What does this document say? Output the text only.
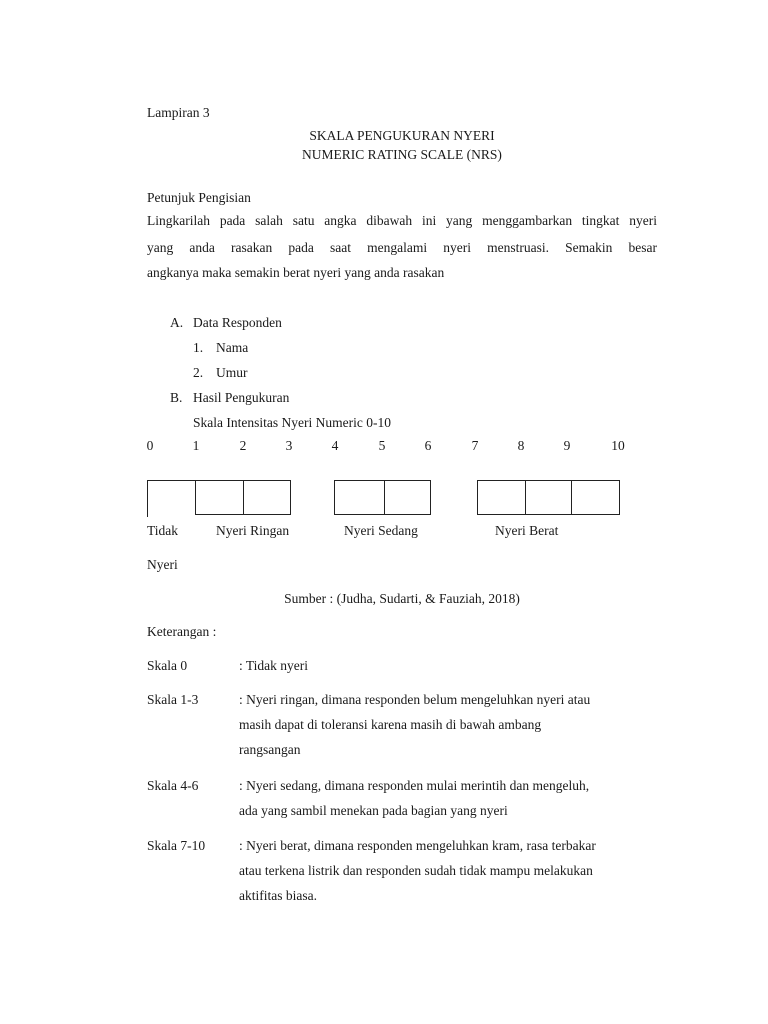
Lampiran 3
SKALA PENGUKURAN NYERI
NUMERIC RATING SCALE (NRS)
Petunjuk Pengisian
Lingkarilah pada salah satu angka dibawah ini yang menggambarkan tingkat nyeri
yang anda rasakan pada saat mengalami nyeri menstruasi. Semakin besar
angkanya maka semakin berat nyeri yang anda rasakan
A. Data Responden
1. Nama
2. Umur
B. Hasil Pengukuran
Skala Intensitas Nyeri Numeric 0-10
0	1	2	3	4	5	6	7	8	9	10
Tidak	Nyeri Ringan	Nyeri Sedang	Nyeri Berat
Nyeri
Sumber : (Judha, Sudarti, & Fauziah, 2018)
Keterangan :
Skala 0	: Tidak nyeri
Skala 1-3	: Nyeri ringan, dimana responden belum mengeluhkan nyeri atau
masih dapat di toleransi karena masih di bawah ambang
rangsangan
Skala 4-6	: Nyeri sedang, dimana responden mulai merintih dan mengeluh,
ada yang sambil menekan pada bagian yang nyeri
Skala 7-10	: Nyeri berat, dimana responden mengeluhkan kram, rasa terbakar
atau terkena listrik dan responden sudah tidak mampu melakukan
aktifitas biasa.
